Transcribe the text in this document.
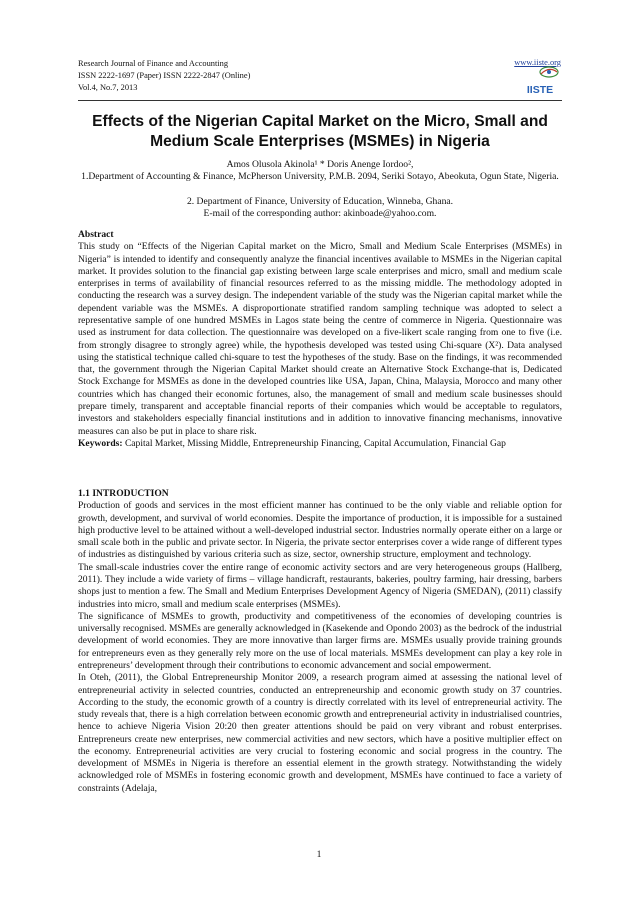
Research Journal of Finance and Accounting
ISSN 2222-1697 (Paper) ISSN 2222-2847 (Online)
Vol.4, No.7, 2013
www.iiste.org
IISTE
Effects of the Nigerian Capital Market on the Micro, Small and Medium Scale Enterprises (MSMEs) in Nigeria
Amos Olusola Akinola¹ * Doris Anenge Iordoo²,
1.Department of Accounting & Finance, McPherson University, P.M.B. 2094, Seriki Sotayo, Abeokuta, Ogun State, Nigeria.
2. Department of Finance, University of Education, Winneba, Ghana.
E-mail of the corresponding author: akinboade@yahoo.com.

Abstract

This study on “Effects of the Nigerian Capital market on the Micro, Small and Medium Scale Enterprises (MSMEs) in Nigeria” is intended to identify and consequently analyze the financial incentives available to MSMEs in the Nigerian capital market. It provides solution to the financial gap existing between large scale enterprises and micro, small and medium scale enterprises in terms of availability of financial resources referred to as the missing middle. The methodology adopted in conducting the research was a survey design. The independent variable of the study was the Nigerian capital market while the dependent variable was the MSMEs. A disproportionate stratified random sampling technique was adopted to select a representative sample of one hundred MSMEs in Lagos state being the centre of commerce in Nigeria. Questionnaire was used as instrument for data collection. The questionnaire was developed on a five-likert scale ranging from one to five (i.e. from strongly disagree to strongly agree) while, the hypothesis developed was tested using Chi-square (X²). Data analysed using the statistical technique called chi-square to test the hypotheses of the study. Base on the findings, it was recommended that, the government through the Nigerian Capital Market should create an Alternative Stock Exchange-that is, Dedicated Stock Exchange for MSMEs as done in the developed countries like USA, Japan, China, Malaysia, Morocco and many other countries which has changed their economic fortunes, also, the management of small and medium scale businesses should prepare timely, transparent and acceptable financial reports of their companies which would be acceptable to regulators, investors and stakeholders especially financial institutions and in addition to innovative financing mechanisms, innovative measures can also be put in place to share risk.

Keywords: Capital Market, Missing Middle, Entrepreneurship Financing, Capital Accumulation, Financial Gap

1.1 INTRODUCTION

Production of goods and services in the most efficient manner has continued to be the only viable and reliable option for growth, development, and survival of world economies. Despite the importance of production, it is impossible for a sustained high productive level to be attained without a well-developed industrial sector. Industries normally operate either on a large or small scale both in the public and private sector. In Nigeria, the private sector enterprises cover a wide range of different types of industries as distinguished by various criteria such as size, sector, ownership structure, employment and technology.

The small-scale industries cover the entire range of economic activity sectors and are very heterogeneous groups (Hallberg, 2011). They include a wide variety of firms – village handicraft, restaurants, bakeries, poultry farming, hair dressing, barbers shops just to mention a few. The Small and Medium Enterprises Development Agency of Nigeria (SMEDAN), (2011) classify industries into micro, small and medium scale enterprises (MSMEs).

The significance of MSMEs to growth, productivity and competitiveness of the economies of developing countries is universally recognised. MSMEs are generally acknowledged in (Kasekende and Opondo 2003) as the bedrock of the industrial development of world economies. They are more innovative than larger firms are. MSMEs usually provide training grounds for entrepreneurs even as they generally rely more on the use of local materials. MSMEs development can play a key role in entrepreneurs’ development through their contributions to economic advancement and social empowerment.

In Oteh, (2011), the Global Entrepreneurship Monitor 2009, a research program aimed at assessing the national level of entrepreneurial activity in selected countries, conducted an entrepreneurship and economic growth study on 37 countries. According to the study, the economic growth of a country is directly correlated with its level of entrepreneurial activity. The study reveals that, there is a high correlation between economic growth and entrepreneurial activity in industrialised countries, hence to achieve Nigeria Vision 20:20 then greater attentions should be paid on very vibrant and robust enterprises. Entrepreneurs create new enterprises, new commercial activities and new sectors, which have a positive multiplier effect on the economy. Entrepreneurial activities are very crucial to fostering economic and social progress in the country. The development of MSMEs in Nigeria is therefore an essential element in the growth strategy. Notwithstanding the widely acknowledged role of MSMEs in fostering economic growth and development, MSMEs have continued to face a variety of constraints (Adelaja,

1
